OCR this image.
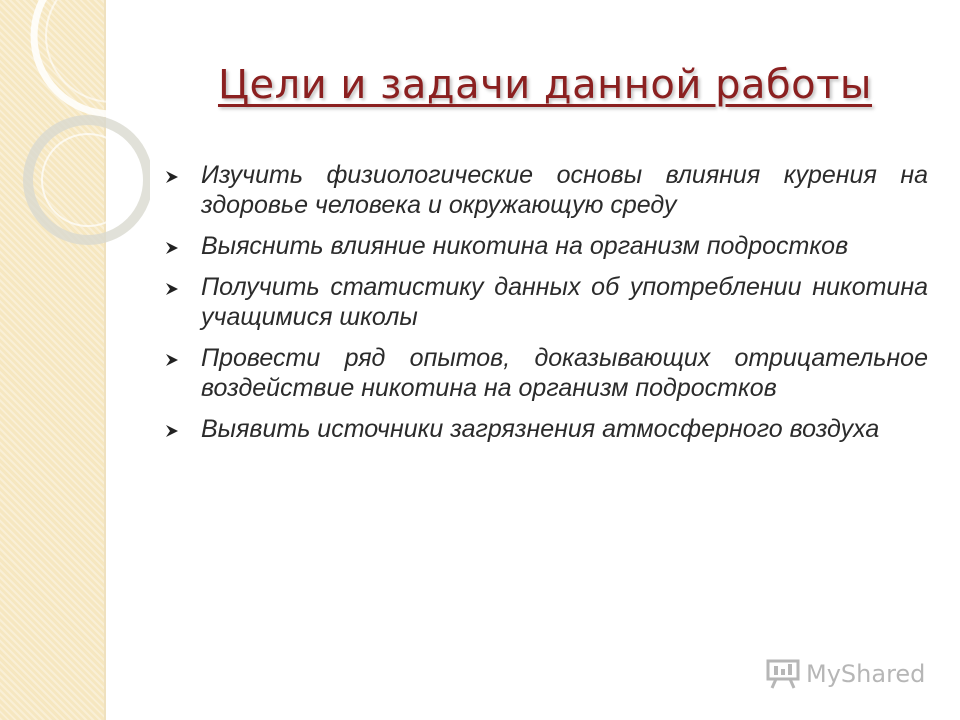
Цели и задачи данной работы
Изучить физиологические основы влияния курения на здоровье человека и окружающую среду
Выяснить влияние никотина на организм подростков
Получить статистику данных об употреблении никотина учащимися школы
Провести ряд опытов, доказывающих отрицательное воздействие никотина на организм подростков
Выявить источники загрязнения атмосферного воздуха
MyShared
